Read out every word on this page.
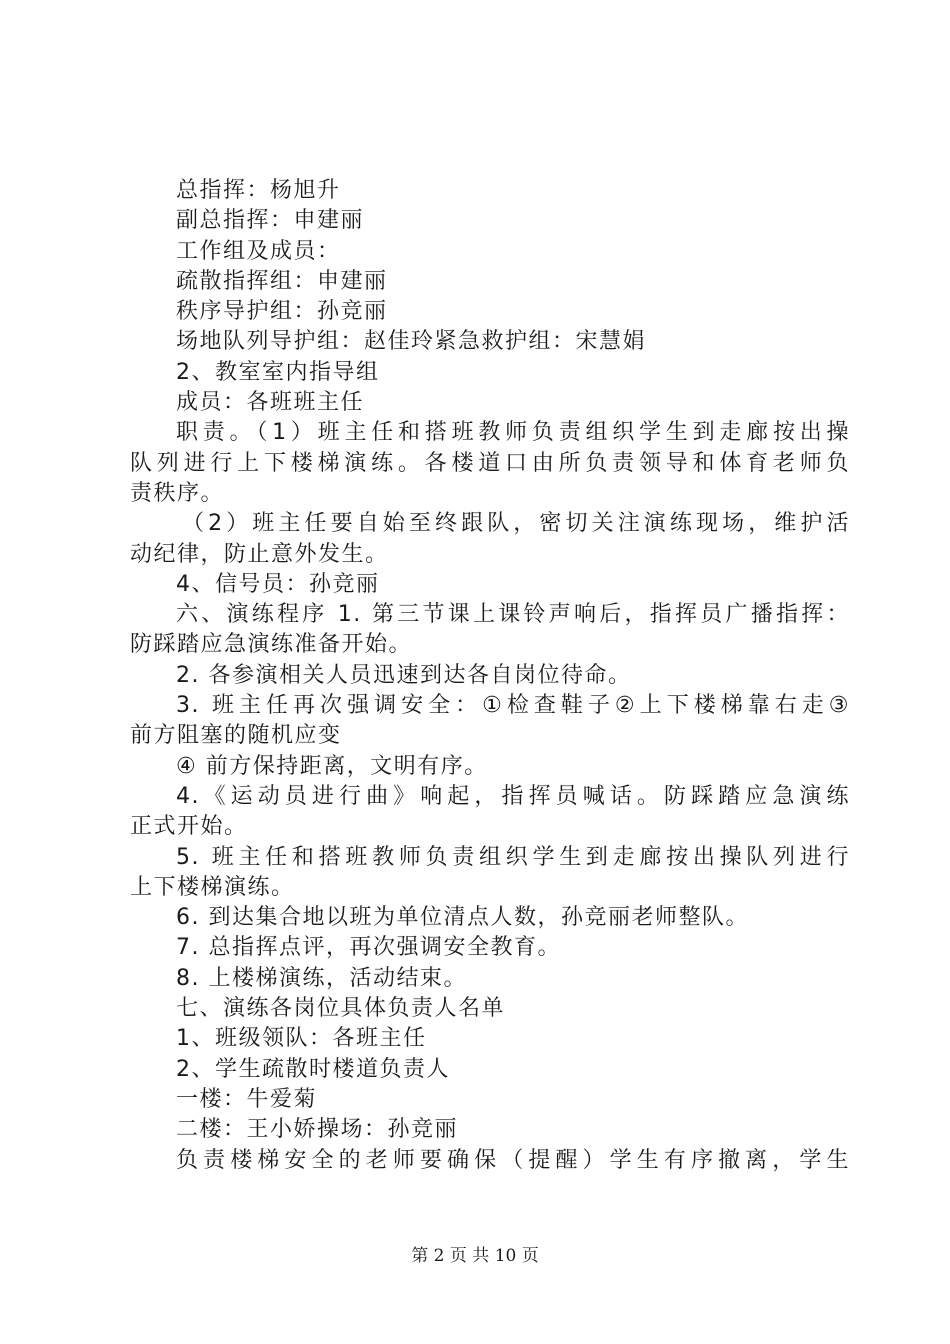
总指挥：杨旭升
副总指挥：申建丽
工作组及成员：
疏散指挥组：申建丽
秩序导护组：孙竞丽
场地队列导护组：赵佳玲紧急救护组：宋慧娟
2、教室室内指导组
成员：各班班主任
职责。（1）班主任和搭班教师负责组织学生到走廊按出操
队列进行上下楼梯演练。各楼道口由所负责领导和体育老师负
责秩序。
（2）班主任要自始至终跟队，密切关注演练现场，维护活
动纪律，防止意外发生。
4、信号员：孙竞丽
六、演练程序 1. 第三节课上课铃声响后，指挥员广播指挥：
防踩踏应急演练准备开始。
2. 各参演相关人员迅速到达各自岗位待命。
3. 班主任再次强调安全：①检查鞋子②上下楼梯靠右走③
前方阻塞的随机应变
④ 前方保持距离，文明有序。
4.《运动员进行曲》响起，指挥员喊话。防踩踏应急演练
正式开始。
5. 班主任和搭班教师负责组织学生到走廊按出操队列进行
上下楼梯演练。
6. 到达集合地以班为单位清点人数，孙竞丽老师整队。
7. 总指挥点评，再次强调安全教育。
8. 上楼梯演练，活动结束。
七、演练各岗位具体负责人名单
1、班级领队：各班主任
2、学生疏散时楼道负责人
一楼：牛爱菊
二楼：王小娇操场：孙竞丽
负责楼梯安全的老师要确保（提醒）学生有序撤离，学生
第 2 页 共 10 页
